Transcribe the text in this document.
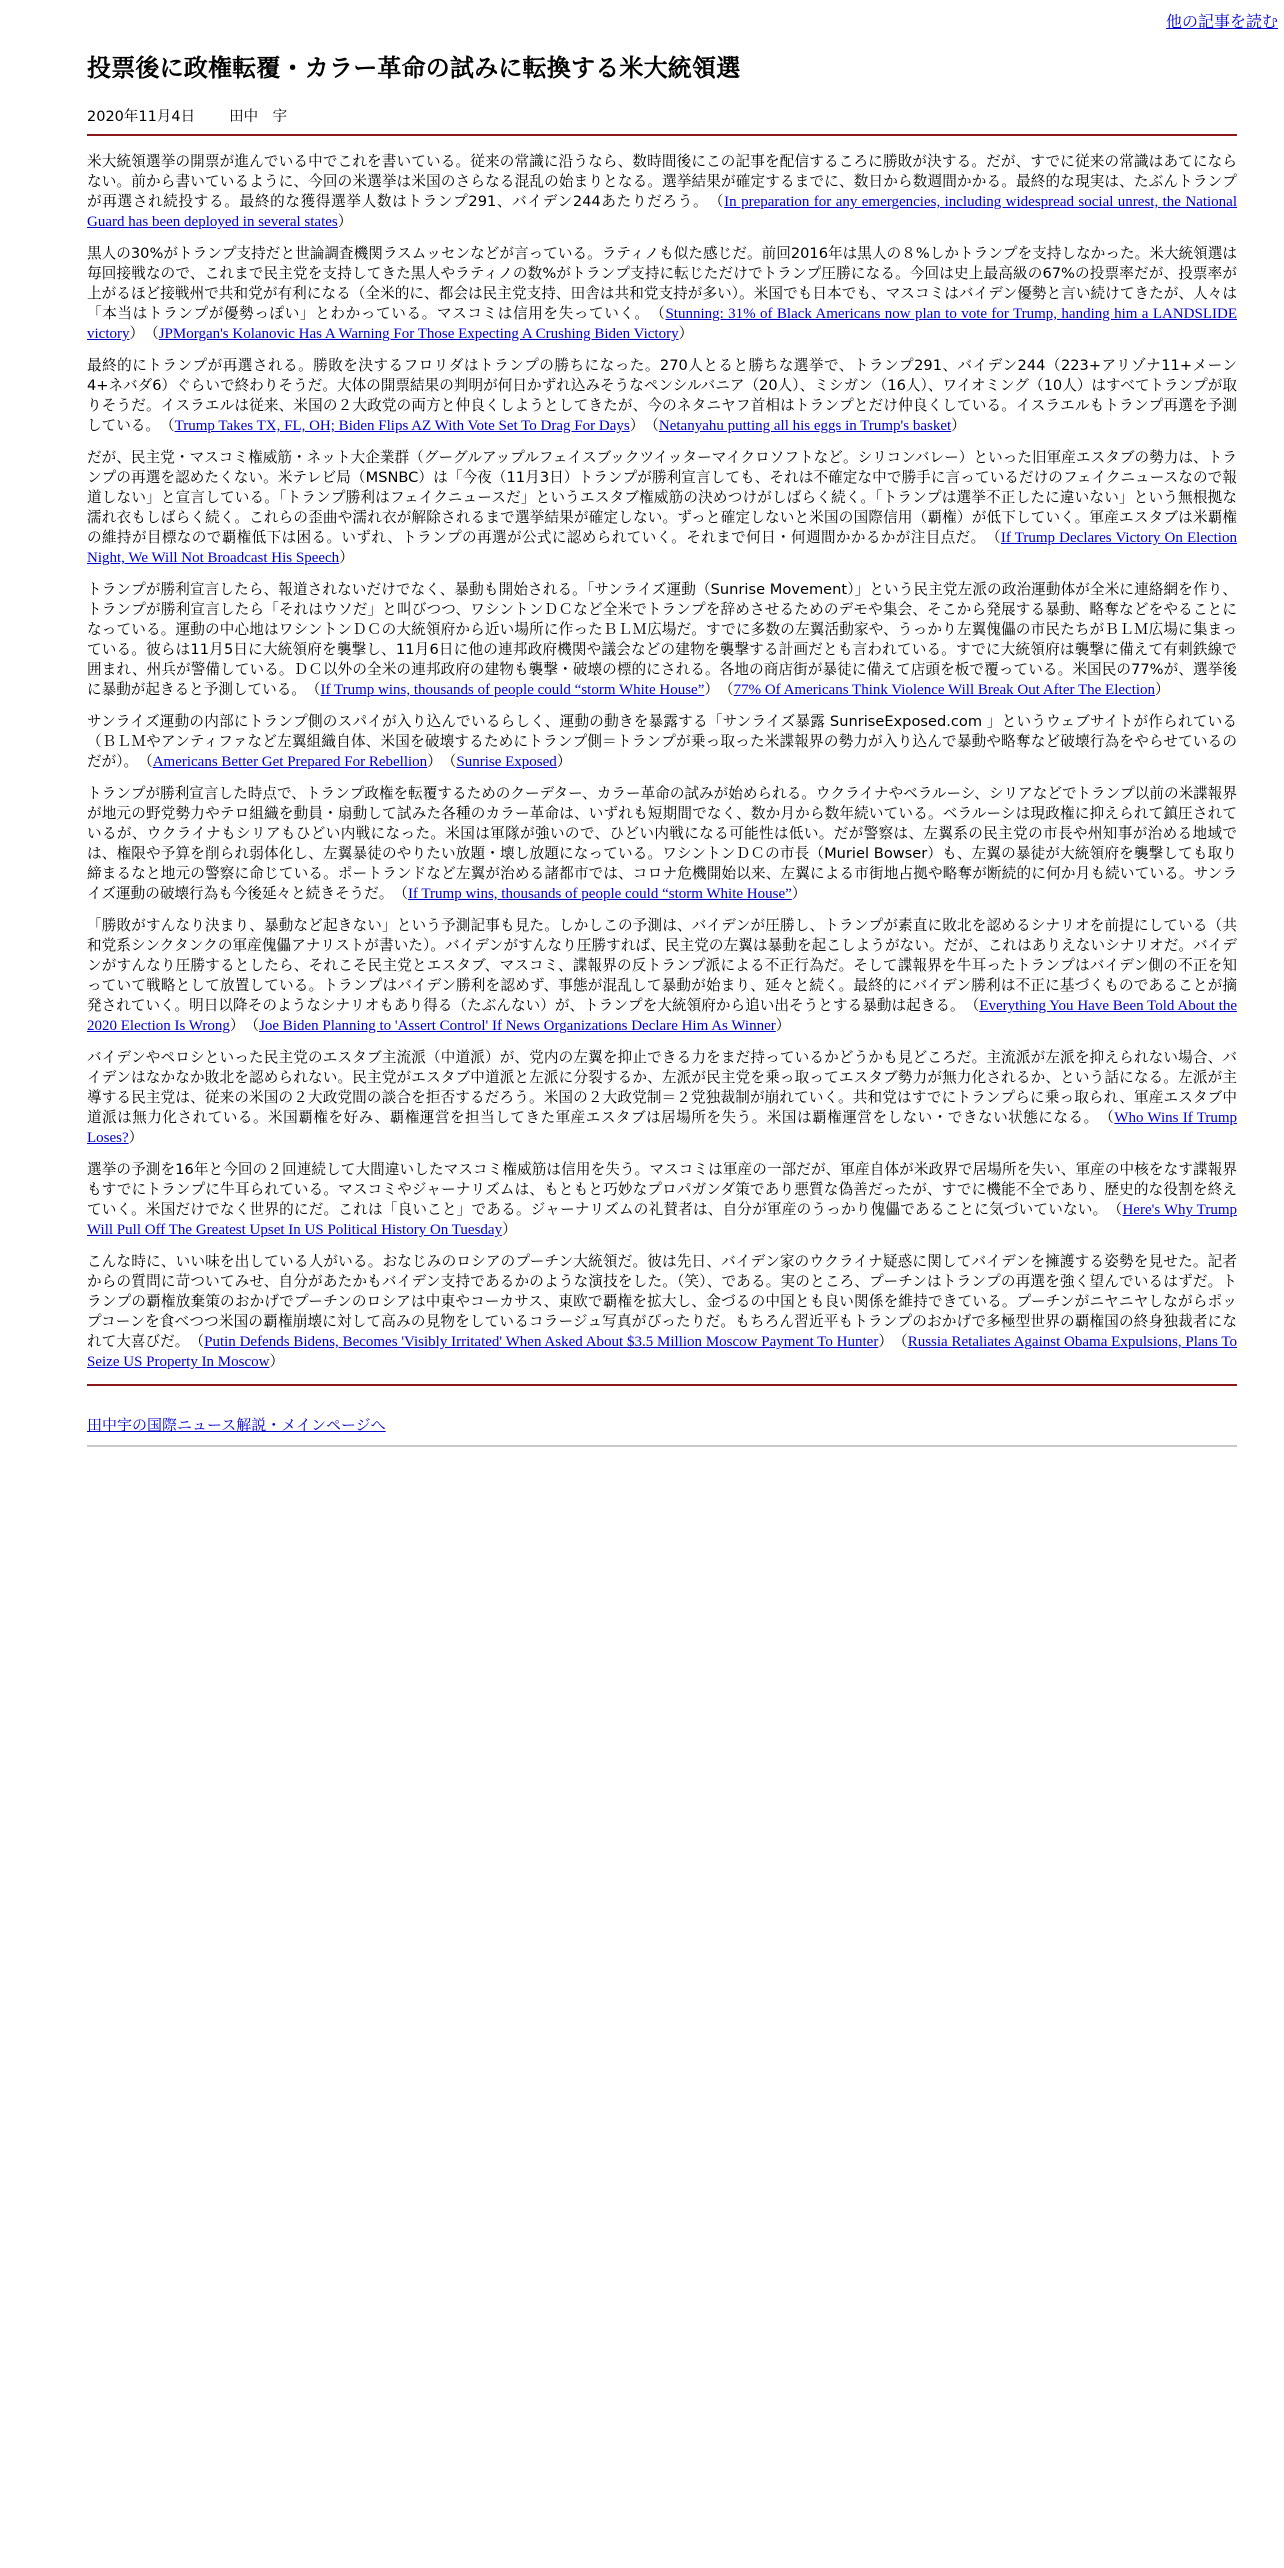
他の記事を読む
投票後に政権転覆・カラー革命の試みに転換する米大統領選
2020年11月4日 田中　宇

米大統領選挙の開票が進んでいる中でこれを書いている。従来の常識に沿うなら、数時間後にこの記事を配信するころに勝敗が決する。だが、すでに従来の常識はあてにならない。前から書いているように、今回の米選挙は米国のさらなる混乱の始まりとなる。選挙結果が確定するまでに、数日から数週間かかる。最終的な現実は、たぶんトランプが再選され続投する。最終的な獲得選挙人数はトランプ291、バイデン244あたりだろう。　 （In preparation for any emergencies, including widespread social unrest, the National Guard has been deployed in several states）

黒人の30%がトランプ支持だと世論調査機関ラスムッセンなどが言っている。ラティノも似た感じだ。前回2016年は黒人の８%しかトランプを支持しなかった。米大統領選は毎回接戦なので、これまで民主党を支持してきた黒人やラティノの数%がトランプ支持に転じただけでトランプ圧勝になる。今回は史上最高級の67%の投票率だが、投票率が上がるほど接戦州で共和党が有利になる（全米的に、都会は民主党支持、田舎は共和党支持が多い）。米国でも日本でも、マスコミはバイデン優勢と言い続けてきたが、人々は「本当はトランプが優勢っぽい」とわかっている。マスコミは信用を失っていく。　 （Stunning: 31% of Black Americans now plan to vote for Trump, handing him a LANDSLIDE victory）　 （JPMorgan's Kolanovic Has A Warning For Those Expecting A Crushing Biden Victory）

最終的にトランプが再選される。勝敗を決するフロリダはトランプの勝ちになった。270人とると勝ちな選挙で、トランプ291、バイデン244（223+アリゾナ11+メーン4+ネバダ6）ぐらいで終わりそうだ。大体の開票結果の判明が何日かずれ込みそうなペンシルバニア（20人）、ミシガン（16人）、ワイオミング（10人）はすべてトランプが取りそうだ。イスラエルは従来、米国の２大政党の両方と仲良くしようとしてきたが、今のネタニヤフ首相はトランプとだけ仲良くしている。イスラエルもトランプ再選を予測している。　 （Trump Takes TX, FL, OH; Biden Flips AZ With Vote Set To Drag For Days）　 （Netanyahu putting all his eggs in Trump's basket）

だが、民主党・マスコミ権威筋・ネット大企業群（グーグルアップルフェイスブックツイッターマイクロソフトなど。シリコンバレー）といった旧軍産エスタブの勢力は、トランプの再選を認めたくない。米テレビ局（MSNBC）は「今夜（11月3日）トランプが勝利宣言しても、それは不確定な中で勝手に言っているだけのフェイクニュースなので報道しない」と宣言している。「トランプ勝利はフェイクニュースだ」というエスタブ権威筋の決めつけがしばらく続く。「トランプは選挙不正したに違いない」という無根拠な濡れ衣もしばらく続く。これらの歪曲や濡れ衣が解除されるまで選挙結果が確定しない。ずっと確定しないと米国の国際信用（覇権）が低下していく。軍産エスタブは米覇権の維持が目標なので覇権低下は困る。いずれ、トランプの再選が公式に認められていく。それまで何日・何週間かかるかが注目点だ。　 （If Trump Declares Victory On Election Night, We Will Not Broadcast His Speech）

トランプが勝利宣言したら、報道されないだけでなく、暴動も開始される。「サンライズ運動（Sunrise Movement）」という民主党左派の政治運動体が全米に連絡網を作り、トランプが勝利宣言したら「それはウソだ」と叫びつつ、ワシントンＤＣなど全米でトランプを辞めさせるためのデモや集会、そこから発展する暴動、略奪などをやることになっている。運動の中心地はワシントンＤＣの大統領府から近い場所に作ったＢＬＭ広場だ。すでに多数の左翼活動家や、うっかり左翼傀儡の市民たちがＢＬＭ広場に集まっている。彼らは11月5日に大統領府を襲撃し、11月6日に他の連邦政府機関や議会などの建物を襲撃する計画だとも言われている。すでに大統領府は襲撃に備えて有刺鉄線で囲まれ、州兵が警備している。ＤＣ以外の全米の連邦政府の建物も襲撃・破壊の標的にされる。各地の商店街が暴徒に備えて店頭を板で覆っている。米国民の77%が、選挙後に暴動が起きると予測している。　 （If Trump wins, thousands of people could “storm White House”）　 （77% Of Americans Think Violence Will Break Out After The Election）

サンライズ運動の内部にトランプ側のスパイが入り込んでいるらしく、運動の動きを暴露する「サンライズ暴露 SunriseExposed.com 」というウェブサイトが作られている（ＢＬＭやアンティファなど左翼組織自体、米国を破壊するためにトランプ側＝トランプが乗っ取った米諜報界の勢力が入り込んで暴動や略奪など破壊行為をやらせているのだが）。　 （Americans Better Get Prepared For Rebellion）　 （Sunrise Exposed）

トランプが勝利宣言した時点で、トランプ政権を転覆するためのクーデター、カラー革命の試みが始められる。ウクライナやベラルーシ、シリアなどでトランプ以前の米諜報界が地元の野党勢力やテロ組織を動員・扇動して試みた各種のカラー革命は、いずれも短期間でなく、数か月から数年続いている。ベラルーシは現政権に抑えられて鎮圧されているが、ウクライナもシリアもひどい内戦になった。米国は軍隊が強いので、ひどい内戦になる可能性は低い。だが警察は、左翼系の民主党の市長や州知事が治める地域では、権限や予算を削られ弱体化し、左翼暴徒のやりたい放題・壊し放題になっている。ワシントンＤＣの市長（Muriel Bowser）も、左翼の暴徒が大統領府を襲撃しても取り締まるなと地元の警察に命じている。ポートランドなど左翼が治める諸都市では、コロナ危機開始以来、左翼による市街地占拠や略奪が断続的に何か月も続いている。サンライズ運動の破壊行為も今後延々と続きそうだ。　 （If Trump wins, thousands of people could “storm White House”）

「勝敗がすんなり決まり、暴動など起きない」という予測記事も見た。しかしこの予測は、バイデンが圧勝し、トランプが素直に敗北を認めるシナリオを前提にしている（共和党系シンクタンクの軍産傀儡アナリストが書いた）。バイデンがすんなり圧勝すれば、民主党の左翼は暴動を起こしようがない。だが、これはありえないシナリオだ。バイデンがすんなり圧勝するとしたら、それこそ民主党とエスタブ、マスコミ、諜報界の反トランプ派による不正行為だ。そして諜報界を牛耳ったトランプはバイデン側の不正を知っていて戦略として放置している。トランプはバイデン勝利を認めず、事態が混乱して暴動が始まり、延々と続く。最終的にバイデン勝利は不正に基づくものであることが摘発されていく。明日以降そのようなシナリオもあり得る（たぶんない）が、トランプを大統領府から追い出そうとする暴動は起きる。　 （Everything You Have Been Told About the 2020 Election Is Wrong）　 （Joe Biden Planning to 'Assert Control' If News Organizations Declare Him As Winner）

バイデンやペロシといった民主党のエスタブ主流派（中道派）が、党内の左翼を抑止できる力をまだ持っているかどうかも見どころだ。主流派が左派を抑えられない場合、バイデンはなかなか敗北を認められない。民主党がエスタブ中道派と左派に分裂するか、左派が民主党を乗っ取ってエスタブ勢力が無力化されるか、という話になる。左派が主導する民主党は、従来の米国の２大政党間の談合を拒否するだろう。米国の２大政党制＝２党独裁制が崩れていく。共和党はすでにトランプらに乗っ取られ、軍産エスタブ中道派は無力化されている。米国覇権を好み、覇権運営を担当してきた軍産エスタブは居場所を失う。米国は覇権運営をしない・できない状態になる。　 （Who Wins If Trump Loses?）

選挙の予測を16年と今回の２回連続して大間違いしたマスコミ権威筋は信用を失う。マスコミは軍産の一部だが、軍産自体が米政界で居場所を失い、軍産の中核をなす諜報界もすでにトランプに牛耳られている。マスコミやジャーナリズムは、もともと巧妙なプロパガンダ策であり悪質な偽善だったが、すでに機能不全であり、歴史的な役割を終えていく。米国だけでなく世界的にだ。これは「良いこと」である。ジャーナリズムの礼賛者は、自分が軍産のうっかり傀儡であることに気づいていない。　 （Here's Why Trump Will Pull Off The Greatest Upset In US Political History On Tuesday）

こんな時に、いい味を出している人がいる。おなじみのロシアのプーチン大統領だ。彼は先日、バイデン家のウクライナ疑惑に関してバイデンを擁護する姿勢を見せた。記者からの質問に苛ついてみせ、自分があたかもバイデン支持であるかのような演技をした。（笑）、である。実のところ、プーチンはトランプの再選を強く望んでいるはずだ。トランプの覇権放棄策のおかげでプーチンのロシアは中東やコーカサス、東欧で覇権を拡大し、金づるの中国とも良い関係を維持できている。プーチンがニヤニヤしながらポップコーンを食べつつ米国の覇権崩壊に対して高みの見物をしているコラージュ写真がぴったりだ。もちろん習近平もトランプのおかげで多極型世界の覇権国の終身独裁者になれて大喜びだ。　 （Putin Defends Bidens, Becomes 'Visibly Irritated' When Asked About $3.5 Million Moscow Payment To Hunter）　 （Russia Retaliates Against Obama Expulsions, Plans To Seize US Property In Moscow）

田中宇の国際ニュース解説・メインページへ
